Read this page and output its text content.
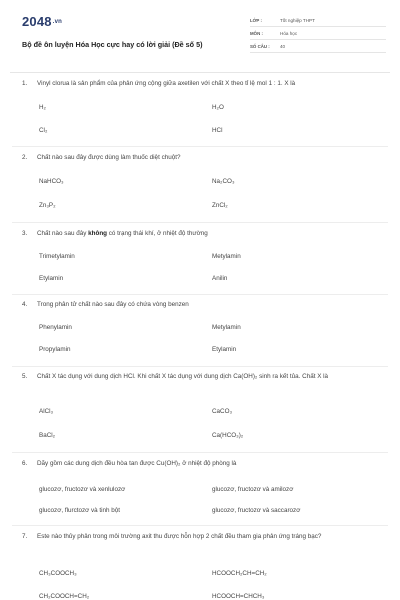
$2048^{.vn}$
Bộ đề ôn luyện Hóa Học cực hay có lời giải (Đề số 5)
LỚP :	Tốt nghiệp THPT
MÔN :	Hóa học
SỐ CÂU :	40
1.	Vinyl clorua là sản phẩm của phản ứng cộng giữa axetilen với chất X theo tỉ lệ mol 1 : 1. X là
H₂	H₂O
Cl₂	HCl
2.	Chất nào sau đây được dùng làm thuốc diệt chuột?
NaHCO₃	Na₂CO₃
Zn₃P₂	ZnCl₂
3.	Chất nào sau đây không có trạng thái khí, ở nhiệt độ thường
Trimetylamin	Metylamin
Etylamin	Anilin
4.	Trong phân tử chất nào sau đây có chứa vòng benzen
Phenylamin	Metylamin
Propylamin	Etylamin
5.	Chất X tác dụng với dung dịch HCl. Khi chất X tác dụng với dung dịch Ca(OH)₂ sinh ra kết tủa. Chất X là
AlCl₃	CaCO₃
BaCl₂	Ca(HCO₃)₂
6.	Dãy gồm các dung dịch đều hòa tan được Cu(OH)₂ ở nhiệt độ phòng là
glucozơ, fructozơ và xenlulozơ	glucozơ, fructozơ và amilozơ
glucozơ, flurctozơ và tinh bột	glucozơ, fructozơ và saccarozơ
7.	Este nào thủy phân trong môi trường axit thu được hỗn hợp 2 chất đều tham gia phản ứng tráng bạc?
CH₃COOCH₃	HCOOCH₂CH=CH₂
CH₂COOCH=CH₂	HCOOCH=CHCH₃
